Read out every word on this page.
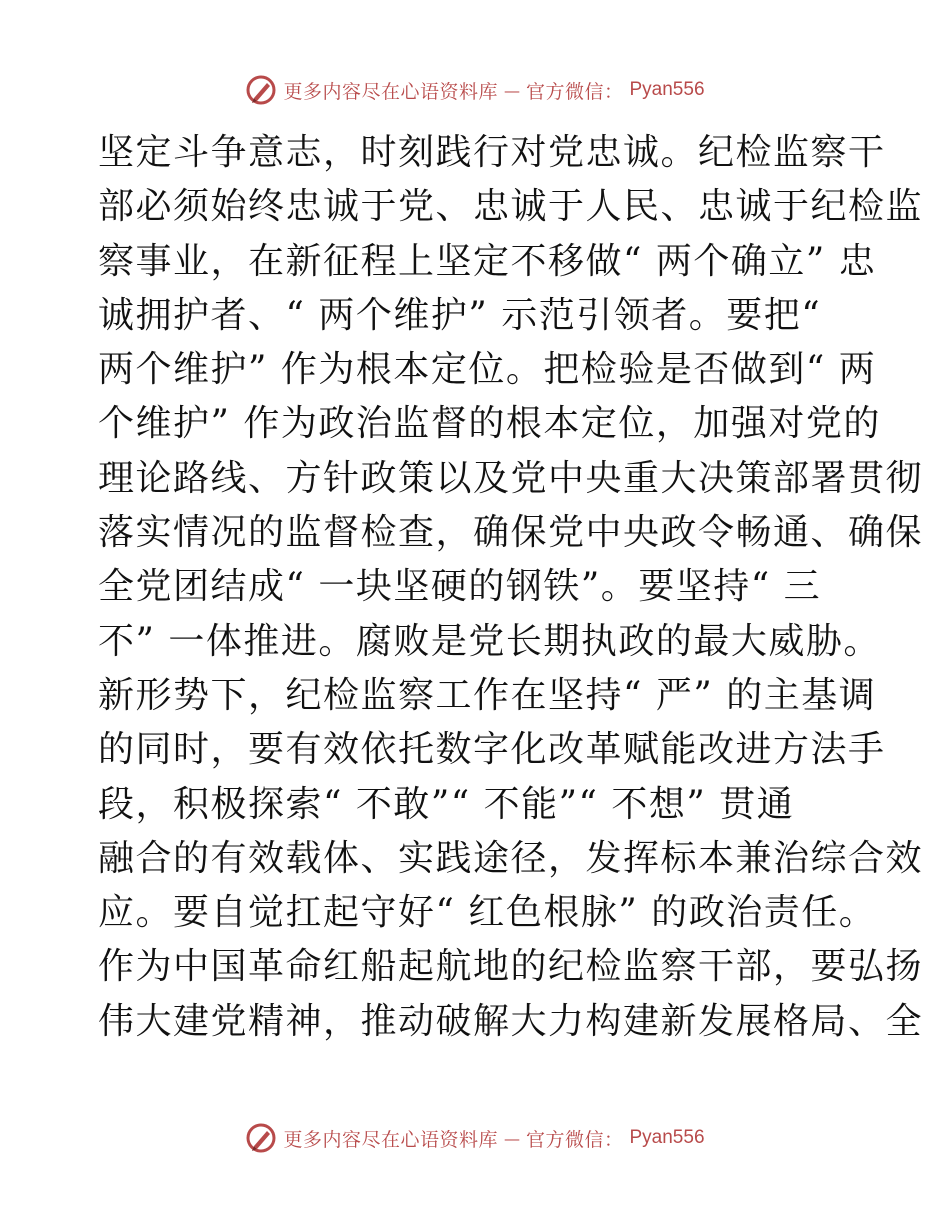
更多内容尽在心语资料库 — 官方微信： Pyan556
坚定斗争意志，时刻践行对党忠诚。纪检监察干
部必须始终忠诚于党、忠诚于人民、忠诚于纪检监
察事业，在新征程上坚定不移做“ 两个确立” 忠
诚拥护者、“ 两个维护” 示范引领者。要把“
两个维护” 作为根本定位。把检验是否做到“ 两
个维护” 作为政治监督的根本定位，加强对党的
理论路线、方针政策以及党中央重大决策部署贯彻
落实情况的监督检查，确保党中央政令畅通、确保
全党团结成“ 一块坚硬的钢铁”。要坚持“ 三
不” 一体推进。腐败是党长期执政的最大威胁。
新形势下，纪检监察工作在坚持“ 严” 的主基调
的同时，要有效依托数字化改革赋能改进方法手
段，积极探索“ 不敢”“ 不能”“ 不想” 贯通
融合的有效载体、实践途径，发挥标本兼治综合效
应。要自觉扛起守好“ 红色根脉” 的政治责任。
作为中国革命红船起航地的纪检监察干部，要弘扬
伟大建党精神，推动破解大力构建新发展格局、全
更多内容尽在心语资料库 — 官方微信： Pyan556
